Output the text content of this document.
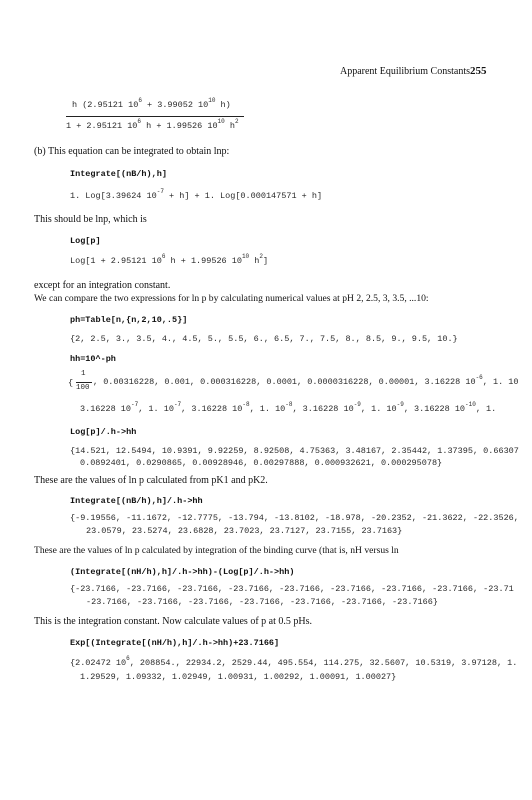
Apparent Equilibrium Constants 255
h (2.95121 $10^6 + 3.99052$ $10^{10}$ h)
1 + 2.95121 $10^6$ h + 1.99526 $10^{10}$ $h^2$
(b) This equation can be integrated to obtain lnp:
Integrate[(nB/h),h]
1. Log[3.39624 $10^{-7} + h] + 1$. Log[0.000147571 + h]
This should be lnp, which is
Log[p]
Log[1 + 2.95121 $10^6$ h + 1.99526 $10^{10}$ $h^2$]
except for an integration constant.
We can compare the two expressions for ln p by calculating numerical values at pH 2, 2.5, 3, 3.5, ...10:
ph=Table[n,{n,2,10,.5}]
{2, 2.5, 3., 3.5, 4., 4.5, 5., 5.5, 6., 6.5, 7., 7.5, 8., 8.5, 9., 9.5, 10.}
hh=10^-ph
{
1
100
, 0.00316228, 0.001, 0.000316228, 0.0001, 0.0000316228, 0.00001, 3.16228 $10^{-6}$, 1. 10
3.16228 $10^{-7}$, 1. $10^{-7}$, 3.16228 $10^{-8}$, 1. $10^{-8}$, 3.16228 $10^{-9}$, 1. $10^{-9}$, 3.16228 $10^{-10}$, 1.
Log[p]/.h->hh
{14.521, 12.5494, 10.9391, 9.92259, 8.92508, 4.75363, 3.48167, 2.35442, 1.37395, 0.66307
0.0892401, 0.0290865, 0.00928946, 0.00297888, 0.000932621, 0.000295078}
These are the values of ln p calculated from pK1 and pK2.
Integrate[(nB/h),h]/.h->hh
{-9.19556, -11.1672, -12.7775, -13.794, -13.8102, -18.978, -20.2352, -21.3622, -22.3526,
23.0579, 23.5274, 23.6828, 23.7023, 23.7127, 23.7155, 23.7163}
These are the values of ln p calculated by integration of the binding curve (that is, nH versus ln
(Integrate[(nH/h),h]/.h->hh)-(Log[p]/.h->hh)
{-23.7166, -23.7166, -23.7166, -23.7166, -23.7166, -23.7166, -23.7166, -23.7166, -23.71
-23.7166, -23.7166, -23.7166, -23.7166, -23.7166, -23.7166, -23.7166}
This is the integration constant. Now calculate values of p at 0.5 pHs.
Exp[(Integrate[(nH/h),h]/.h->hh)+23.7166]
{2.02472 $10^6$, 208854., 22934.2, 2529.44, 495.554, 114.275, 32.5607, 10.5319, 3.97128, 1.
1.29529, 1.09332, 1.02949, 1.00931, 1.00292, 1.00091, 1.00027}
